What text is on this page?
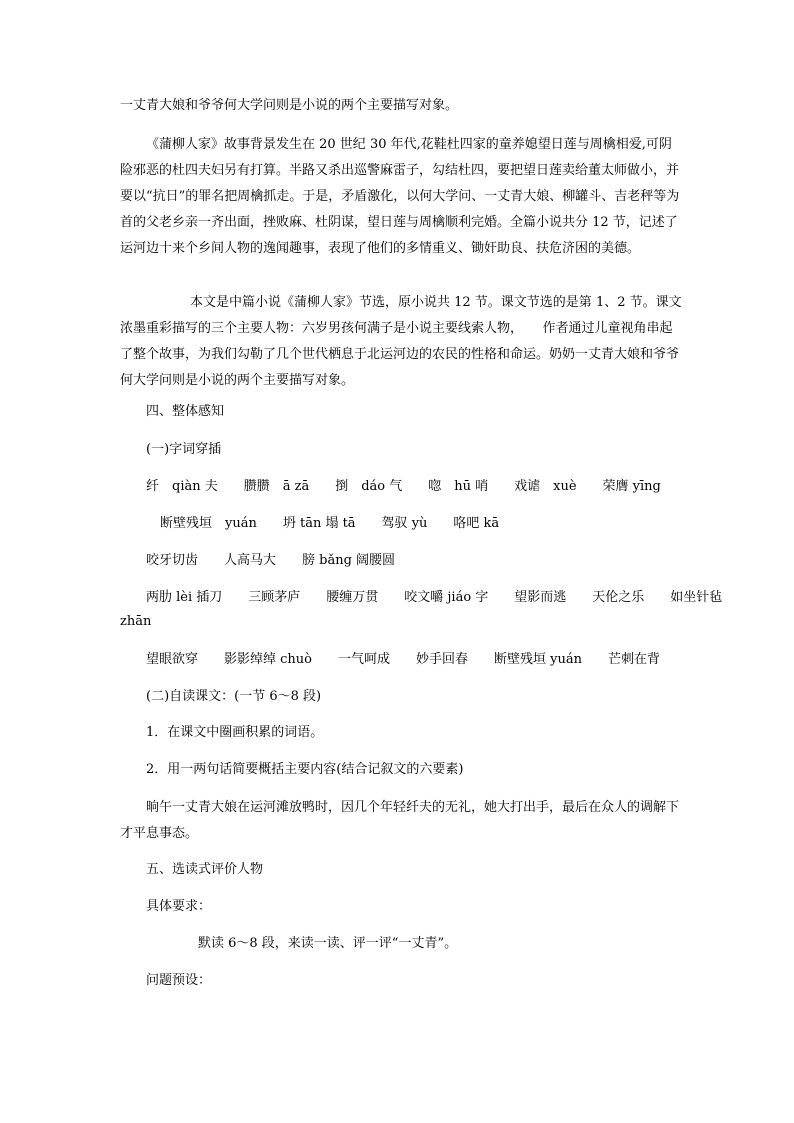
一丈青大娘和爷爷何大学问则是小说的两个主要描写对象。

《蒲柳人家》故事背景发生在 20 世纪 30 年代,花鞋杜四家的童养媳望日莲与周檎相爱,可阴险邪恶的杜四夫妇另有打算。半路又杀出巡警麻雷子，勾结杜四，要把望日莲卖给董太师做小，并要以“抗日”的罪名把周檎抓走。于是，矛盾激化，以何大学问、一丈青大娘、柳罐斗、吉老秤等为首的父老乡亲一齐出面，挫败麻、杜阴谋，望日莲与周檎顺利完婚。全篇小说共分 12 节，记述了运河边十来个乡间人物的逸闻趣事，表现了他们的多情重义、锄奸助良、扶危济困的美德。

本文是中篇小说《蒲柳人家》节选，原小说共 12 节。课文节选的是第 1、2 节。课文浓墨重彩描写的三个主要人物：六岁男孩何满子是小说主要线索人物，　　作者通过儿童视角串起了整个故事，为我们勾勒了几个世代栖息于北运河边的农民的性格和命运。奶奶一丈青大娘和爷爷何大学问则是小说的两个主要描写对象。

四、整体感知

(一)字词穿插

纤　qiàn 夫　　臜臜　ā zā　　捯　dáo 气　　唿　hū 哨　　戏谑　xuè　　荣膺 yīng

断壁残垣　yuán　　坍 tān 塌 tā　　驾驭 yù　　咯吧 kā

咬牙切齿　　人高马大　　膀 bǎng 阔腰圆

两肋 lèi 插刀　　三顾茅庐　　腰缠万贯　　咬文嚼 jiáo 字　　望影而逃　　天伦之乐　　如坐针毡

zhān

望眼欲穿　　影影绰绰 chuò　　一气呵成　　妙手回春　　断壁残垣 yuán　　芒刺在背

(二)自读课文：(一节 6～8 段)

1．在课文中圈画积累的词语。

2．用一两句话简要概括主要内容(结合记叙文的六要素)

晌午一丈青大娘在运河滩放鸭时，因几个年轻纤夫的无礼，她大打出手，最后在众人的调解下才平息事态。

五、选读式评价人物

具体要求：

默读 6～8 段，来读一读、评一评“一丈青”。

问题预设：
